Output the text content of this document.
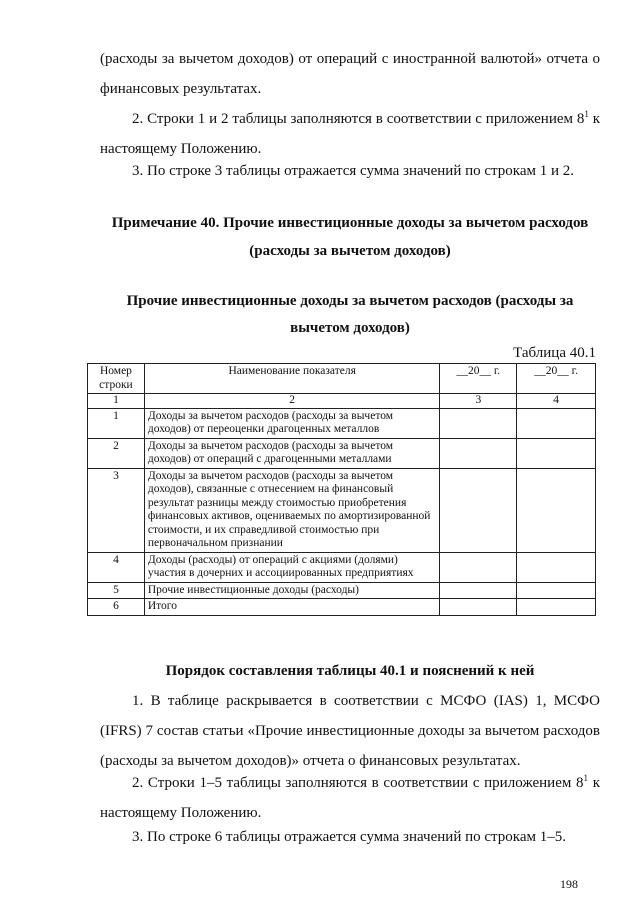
(расходы за вычетом доходов) от операций с иностранной валютой» отчета о финансовых результатах.

2. Строки 1 и 2 таблицы заполняются в соответствии с приложением $8^1$ к настоящему Положению.

3. По строке 3 таблицы отражается сумма значений по строкам 1 и 2.

Примечание 40. Прочие инвестиционные доходы за вычетом расходов

(расходы за вычетом доходов)

Прочие инвестиционные доходы за вычетом расходов (расходы за

вычетом доходов)

Таблица 40.1
Номер строки	Наименование показателя	__20__ г.	__20__ г.
1	2	3	4
1	Доходы за вычетом расходов (расходы за вычетом доходов) от переоценки драгоценных металлов		
2	Доходы за вычетом расходов (расходы за вычетом доходов) от операций с драгоценными металлами		
3	Доходы за вычетом расходов (расходы за вычетом доходов), связанные с отнесением на финансовый результат разницы между стоимостью приобретения финансовых активов, оцениваемых по амортизированной стоимости, и их справедливой стоимостью при первоначальном признании		
4	Доходы (расходы) от операций с акциями (долями) участия в дочерних и ассоциированных предприятиях		
5	Прочие инвестиционные доходы (расходы)		
6	Итого		

Порядок составления таблицы 40.1 и пояснений к ней

1. В таблице раскрывается в соответствии с МСФО (IAS) 1, МСФО (IFRS) 7 состав статьи «Прочие инвестиционные доходы за вычетом расходов (расходы за вычетом доходов)» отчета о финансовых результатах.

2. Строки 1–5 таблицы заполняются в соответствии с приложением $8^1$ к настоящему Положению.

3. По строке 6 таблицы отражается сумма значений по строкам 1–5.

198
